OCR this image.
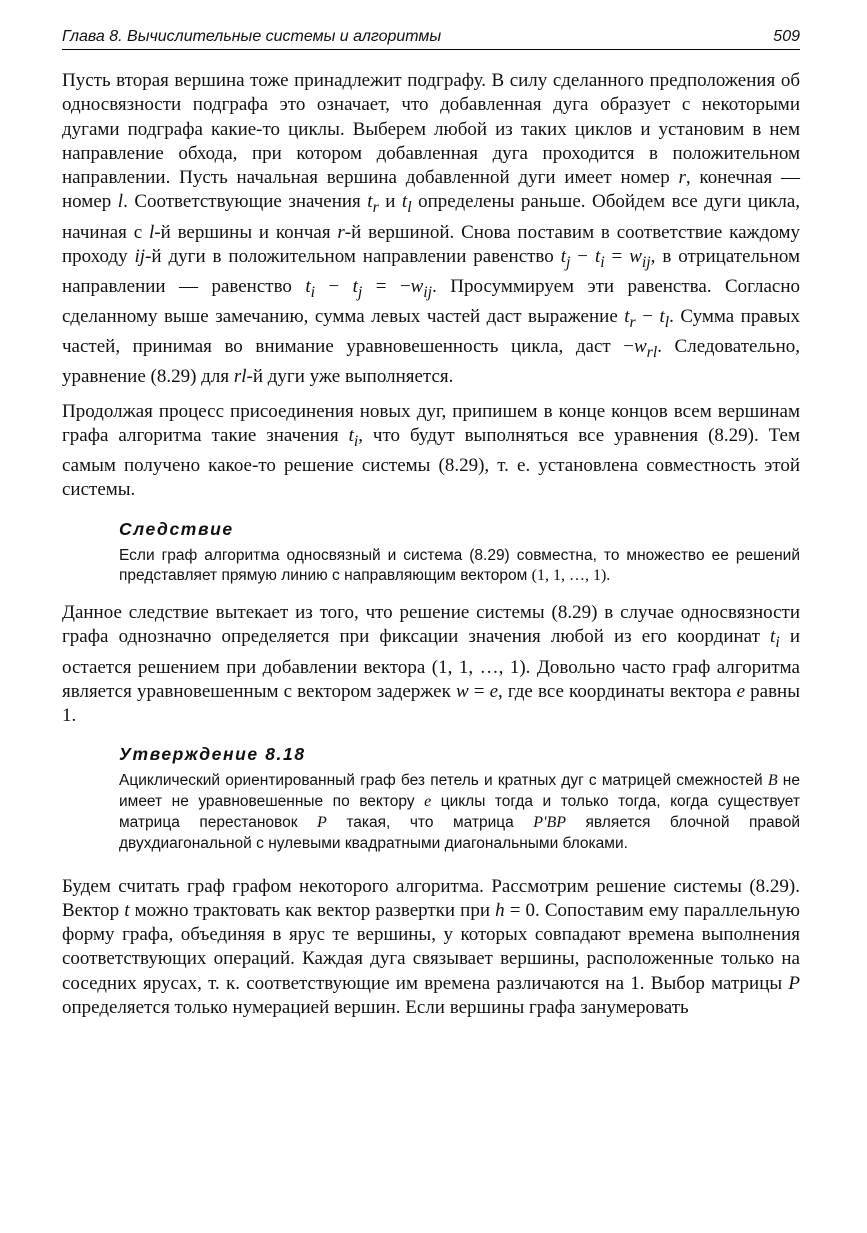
Глава 8. Вычислительные системы и алгоритмы	509

Пусть вторая вершина тоже принадлежит подграфу. В силу сделанного предположения об односвязности подграфа это означает, что добавленная дуга образует с некоторыми дугами подграфа какие-то циклы. Выберем любой из таких циклов и установим в нем направление обхода, при котором добавленная дуга проходится в положительном направлении. Пусть начальная вершина добавленной дуги имеет номер r, конечная — номер l. Соответствующие значения $t_r$ и $t_l$ определены раньше. Обойдем все дуги цикла, начиная с l-й вершины и кончая r-й вершиной. Снова поставим в соответствие каждому проходу ij-й дуги в положительном направлении равенство $t_j - t_i = w_{ij}$, в отрицательном направлении — равенство $t_i - t_j = -w_{ij}$. Просуммируем эти равенства. Согласно сделанному выше замечанию, сумма левых частей даст выражение $t_r - t_l$. Сумма правых частей, принимая во внимание уравновешенность цикла, даст $-w_{rl}$. Следовательно, уравнение (8.29) для rl-й дуги уже выполняется.

Продолжая процесс присоединения новых дуг, припишем в конце концов всем вершинам графа алгоритма такие значения $t_i$, что будут выполняться все уравнения (8.29). Тем самым получено какое-то решение системы (8.29), т. е. установлена совместность этой системы.

Следствие

Если граф алгоритма односвязный и система (8.29) совместна, то множество ее решений представляет прямую линию с направляющим вектором (1, 1, …, 1).

Данное следствие вытекает из того, что решение системы (8.29) в случае односвязности графа однозначно определяется при фиксации значения любой из его координат $t_i$ и остается решением при добавлении вектора (1, 1, …, 1). Довольно часто граф алгоритма является уравновешенным с вектором задержек w = e, где все координаты вектора e равны 1.

Утверждение 8.18

Ациклический ориентированный граф без петель и кратных дуг с матрицей смежностей B не имеет не уравновешенные по вектору e циклы тогда и только тогда, когда существует матрица перестановок P такая, что матрица P'BP является блочной правой двухдиагональной с нулевыми квадратными диагональными блоками.

Будем считать граф графом некоторого алгоритма. Рассмотрим решение системы (8.29). Вектор t можно трактовать как вектор развертки при h = 0. Сопоставим ему параллельную форму графа, объединяя в ярус те вершины, у которых совпадают времена выполнения соответствующих операций. Каждая дуга связывает вершины, расположенные только на соседних ярусах, т. к. соответствующие им времена различаются на 1. Выбор матрицы P определяется только нумерацией вершин. Если вершины графа занумеровать
